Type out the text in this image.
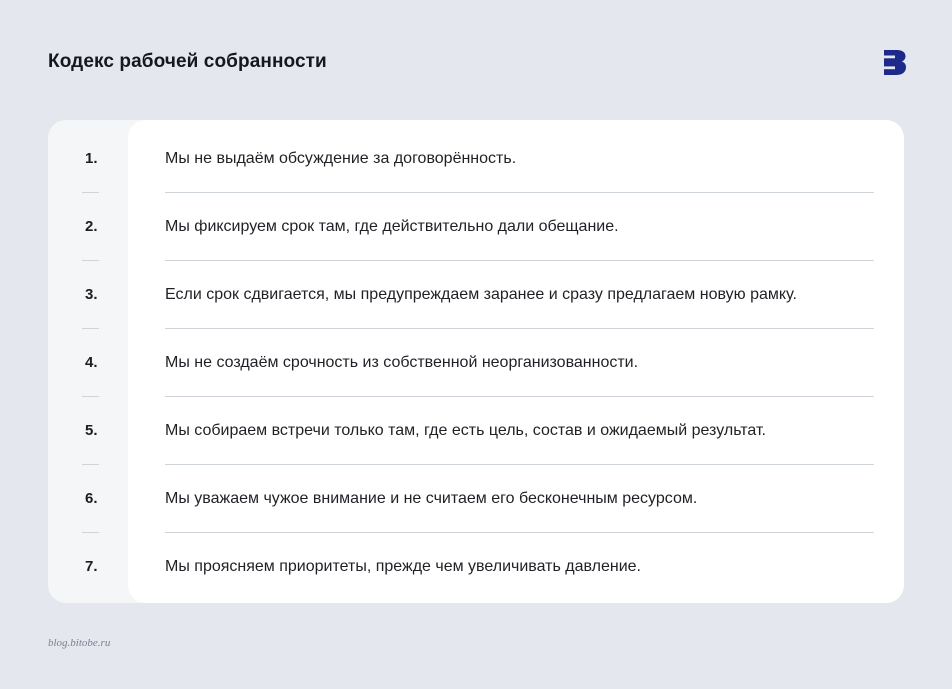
Кодекс рабочей собранности
1.	Мы не выдаём обсуждение за договорённость.
2.	Мы фиксируем срок там, где действительно дали обещание.
3.	Если срок сдвигается, мы предупреждаем заранее и сразу предлагаем новую рамку.
4.	Мы не создаём срочность из собственной неорганизованности.
5.	Мы собираем встречи только там, где есть цель, состав и ожидаемый результат.
6.	Мы уважаем чужое внимание и не считаем его бесконечным ресурсом.
7.	Мы проясняем приоритеты, прежде чем увеличивать давление.
blog.bitobe.ru
